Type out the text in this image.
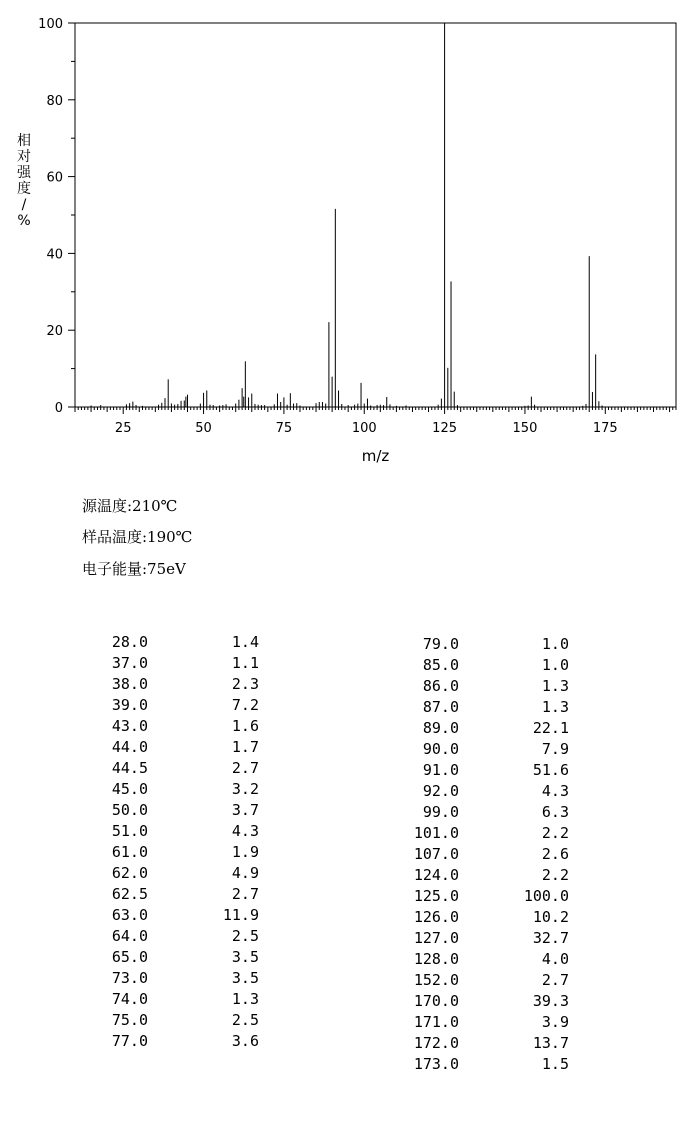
25	50	75	100	125	150	175
0
20
40
60
80
100
m/z
相对强度/ %
源温度:210℃
样品温度:190℃
电子能量:75eV
28.0	1.4
37.0	1.1
38.0	2.3
39.0	7.2
43.0	1.6
44.0	1.7
44.5	2.7
45.0	3.2
50.0	3.7
51.0	4.3
61.0	1.9
62.0	4.9
62.5	2.7
63.0	11.9
64.0	2.5
65.0	3.5
73.0	3.5
74.0	1.3
75.0	2.5
77.0	3.6
79.0	1.0
85.0	1.0
86.0	1.3
87.0	1.3
89.0	22.1
90.0	7.9
91.0	51.6
92.0	4.3
99.0	6.3
101.0	2.2
107.0	2.6
124.0	2.2
125.0	100.0
126.0	10.2
127.0	32.7
128.0	4.0
152.0	2.7
170.0	39.3
171.0	3.9
172.0	13.7
173.0	1.5
